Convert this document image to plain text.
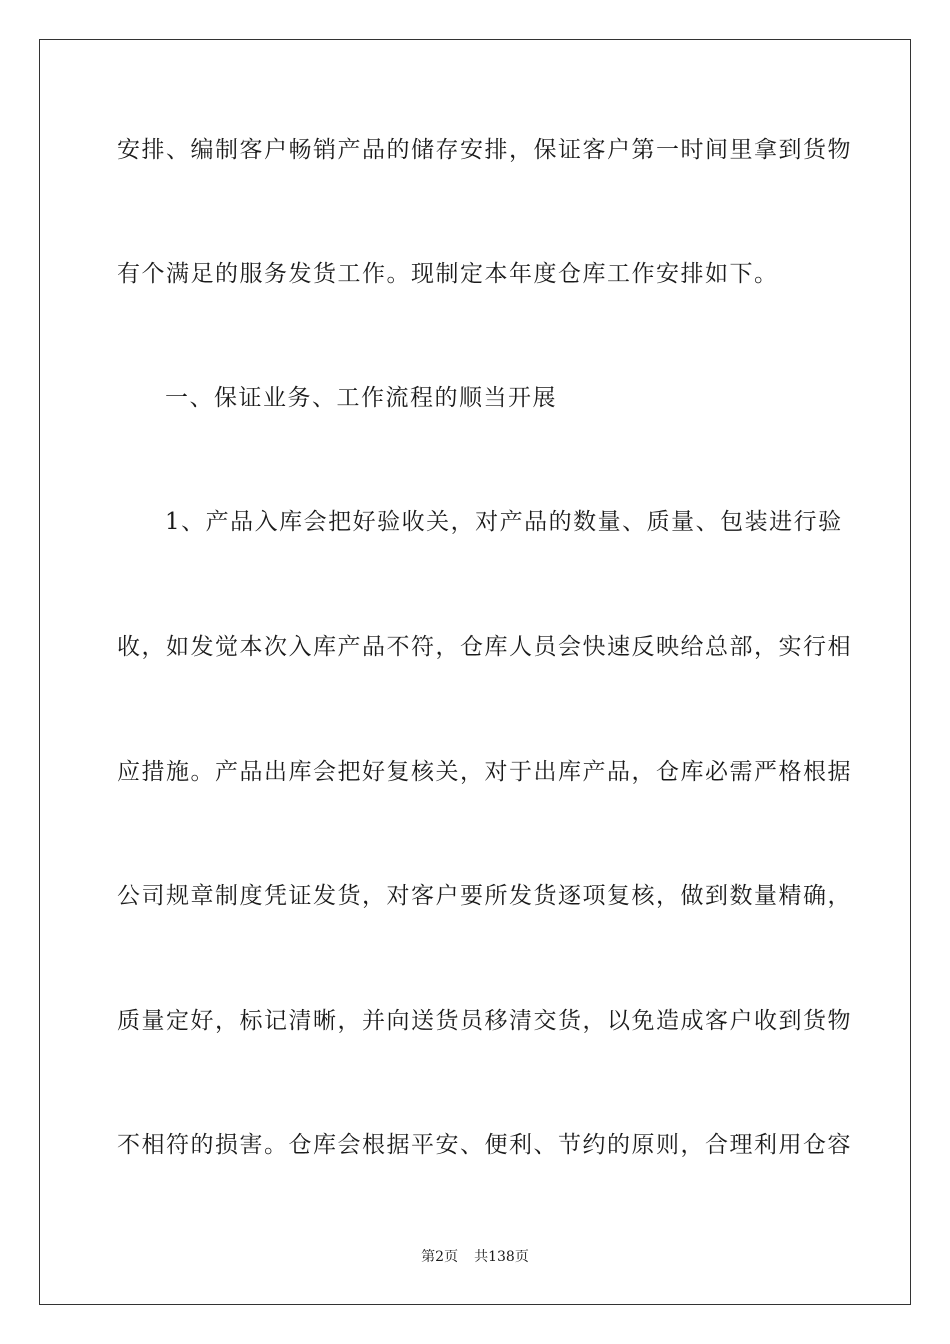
安排、编制客户畅销产品的储存安排，保证客户第一时间里拿到货物
有个满足的服务发货工作。现制定本年度仓库工作安排如下。
一、保证业务、工作流程的顺当开展
1、产品入库会把好验收关，对产品的数量、质量、包装进行验
收，如发觉本次入库产品不符，仓库人员会快速反映给总部，实行相
应措施。产品出库会把好复核关，对于出库产品，仓库必需严格根据
公司规章制度凭证发货，对客户要所发货逐项复核，做到数量精确，
质量定好，标记清晰，并向送货员移清交货，以免造成客户收到货物
不相符的损害。仓库会根据平安、便利、节约的原则，合理利用仓容
第2页 共138页
